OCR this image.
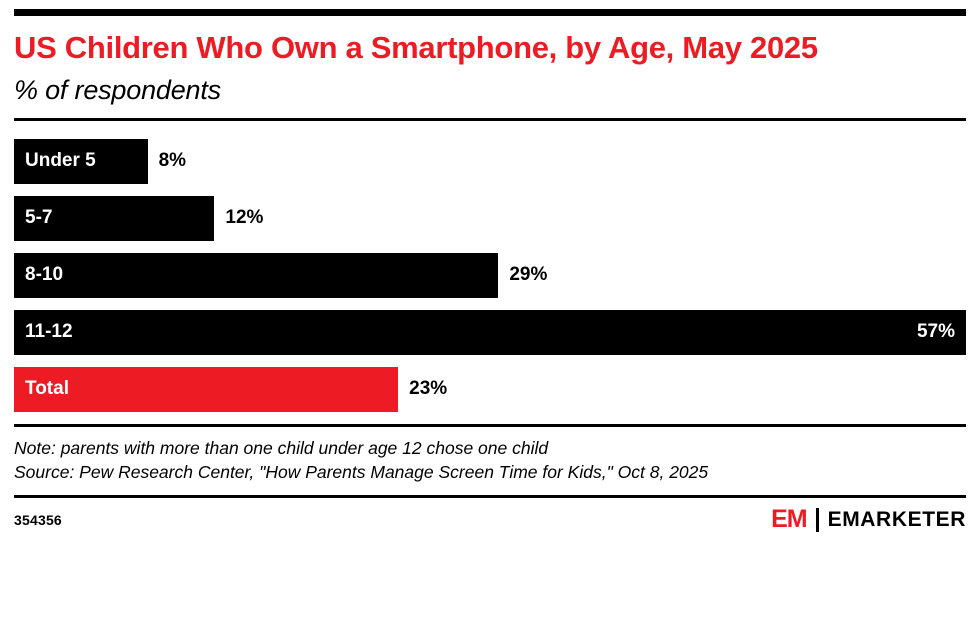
US Children Who Own a Smartphone, by Age, May 2025
% of respondents
Under 5	8%
5-7	12%
8-10	29%
11-12	57%
Total	23%
Note: parents with more than one child under age 12 chose one child
Source: Pew Research Center, "How Parents Manage Screen Time for Kids," Oct 8, 2025
354356	EM EMARKETER
